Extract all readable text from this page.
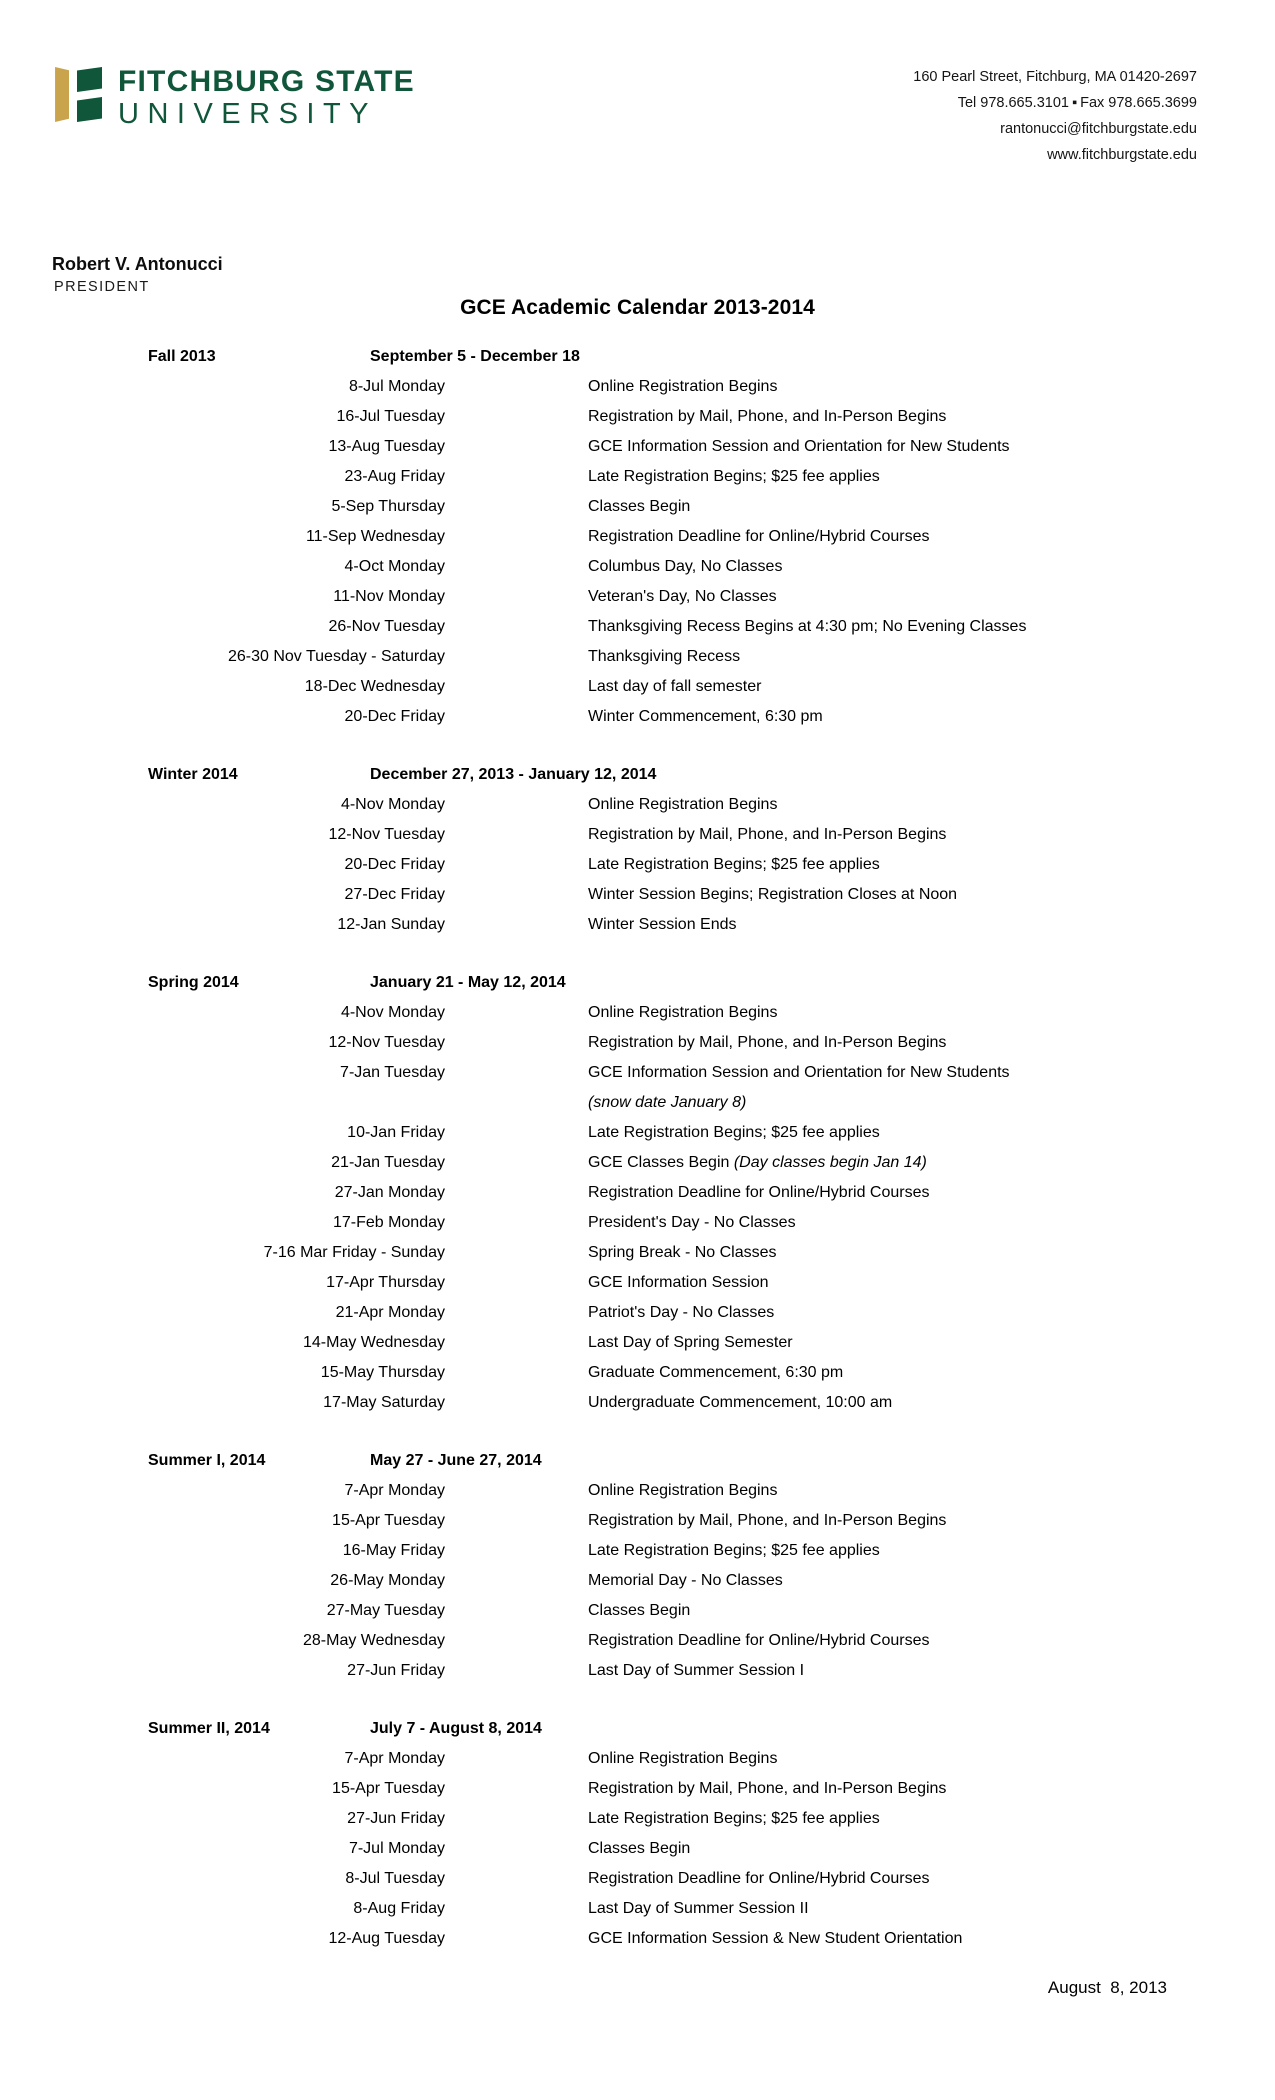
FITCHBURG STATE
UNIVERSITY
160 Pearl Street, Fitchburg, MA 01420-2697
Tel 978.665.3101 ▪ Fax 978.665.3699
rantonucci@fitchburgstate.edu
www.fitchburgstate.edu
Robert V. Antonucci
PRESIDENT
GCE Academic Calendar 2013-2014
Fall 2013	September 5 - December 18
8-Jul Monday	Online Registration Begins
16-Jul Tuesday	Registration by Mail, Phone, and In-Person Begins
13-Aug Tuesday	GCE Information Session and Orientation for New Students
23-Aug Friday	Late Registration Begins; $25 fee applies
5-Sep Thursday	Classes Begin
11-Sep Wednesday	Registration Deadline for Online/Hybrid Courses
4-Oct Monday	Columbus Day, No Classes
11-Nov Monday	Veteran's Day, No Classes
26-Nov Tuesday	Thanksgiving Recess Begins at 4:30 pm; No Evening Classes
26-30 Nov Tuesday - Saturday	Thanksgiving Recess
18-Dec Wednesday	Last day of fall semester
20-Dec Friday	Winter Commencement, 6:30 pm
Winter 2014	December 27, 2013 - January 12, 2014
4-Nov Monday	Online Registration Begins
12-Nov Tuesday	Registration by Mail, Phone, and In-Person Begins
20-Dec Friday	Late Registration Begins; $25 fee applies
27-Dec Friday	Winter Session Begins; Registration Closes at Noon
12-Jan Sunday	Winter Session Ends
Spring 2014	January 21 - May 12, 2014
4-Nov Monday	Online Registration Begins
12-Nov Tuesday	Registration by Mail, Phone, and In-Person Begins
7-Jan Tuesday	GCE Information Session and Orientation for New Students
(snow date January 8)
10-Jan Friday	Late Registration Begins; $25 fee applies
21-Jan Tuesday	GCE Classes Begin (Day classes begin Jan 14)
27-Jan Monday	Registration Deadline for Online/Hybrid Courses
17-Feb Monday	President's Day - No Classes
7-16 Mar Friday - Sunday	Spring Break - No Classes
17-Apr Thursday	GCE Information Session
21-Apr Monday	Patriot's Day - No Classes
14-May Wednesday	Last Day of Spring Semester
15-May Thursday	Graduate Commencement, 6:30 pm
17-May Saturday	Undergraduate Commencement, 10:00 am
Summer I, 2014	May 27 - June 27, 2014
7-Apr Monday	Online Registration Begins
15-Apr Tuesday	Registration by Mail, Phone, and In-Person Begins
16-May Friday	Late Registration Begins; $25 fee applies
26-May Monday	Memorial Day - No Classes
27-May Tuesday	Classes Begin
28-May Wednesday	Registration Deadline for Online/Hybrid Courses
27-Jun Friday	Last Day of Summer Session I
Summer II, 2014	July 7 - August 8, 2014
7-Apr Monday	Online Registration Begins
15-Apr Tuesday	Registration by Mail, Phone, and In-Person Begins
27-Jun Friday	Late Registration Begins; $25 fee applies
7-Jul Monday	Classes Begin
8-Jul Tuesday	Registration Deadline for Online/Hybrid Courses
8-Aug Friday	Last Day of Summer Session II
12-Aug Tuesday	GCE Information Session & New Student Orientation
August  8, 2013
